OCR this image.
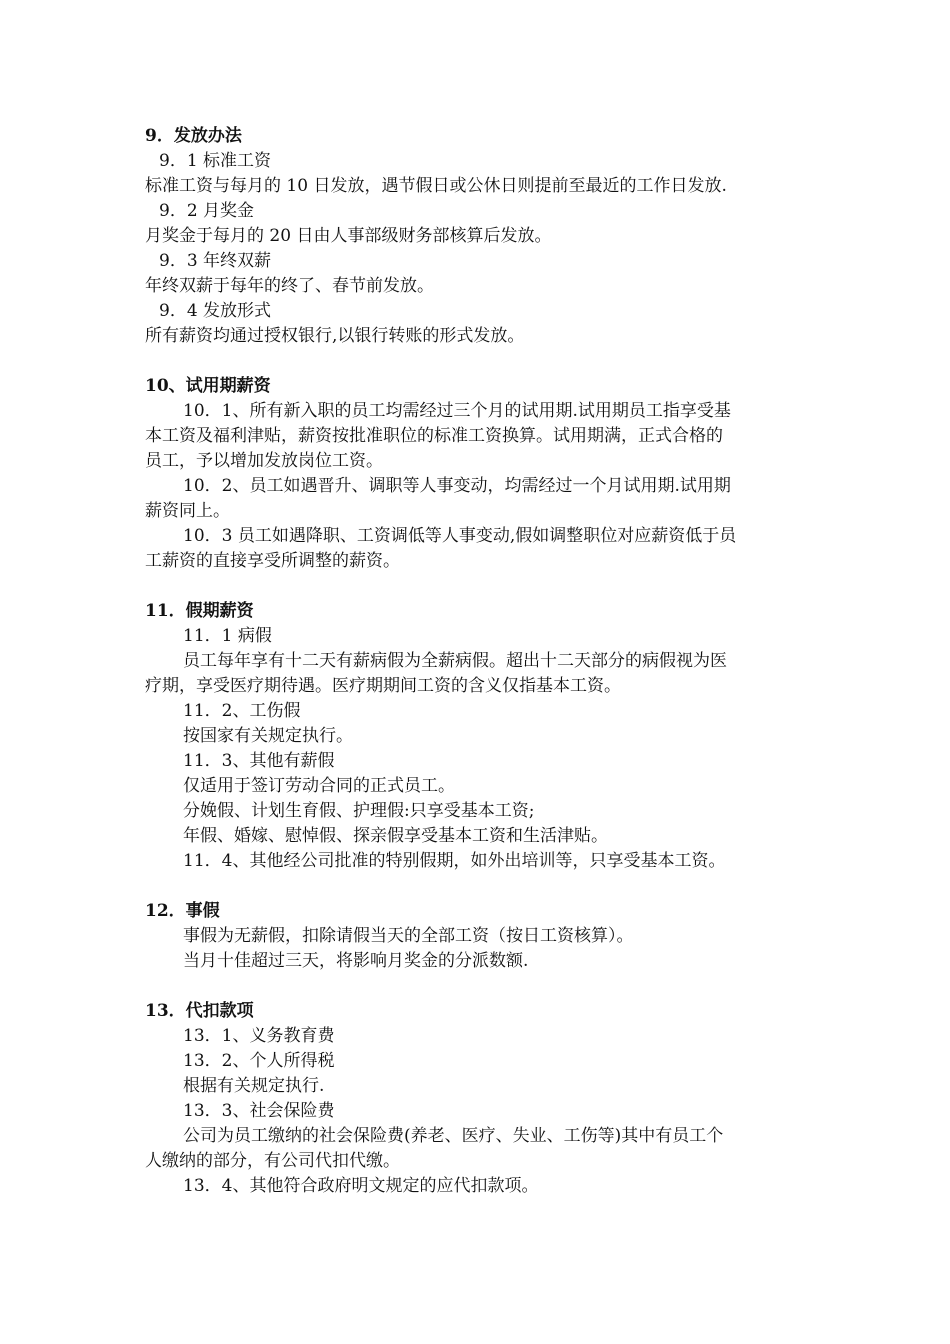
9．发放办法

9．1 标准工资

标准工资与每月的 10 日发放，遇节假日或公休日则提前至最近的工作日发放.

9．2 月奖金

月奖金于每月的 20 日由人事部级财务部核算后发放。

9．3 年终双薪

年终双薪于每年的终了、春节前发放。

9．4 发放形式

所有薪资均通过授权银行,以银行转账的形式发放。

10、试用期薪资

10．1、所有新入职的员工均需经过三个月的试用期.试用期员工指享受基

本工资及福利津贴，薪资按批准职位的标准工资换算。试用期满，正式合格的

员工，予以增加发放岗位工资。

10．2、员工如遇晋升、调职等人事变动，均需经过一个月试用期.试用期

薪资同上。

10．3 员工如遇降职、工资调低等人事变动,假如调整职位对应薪资低于员

工薪资的直接享受所调整的薪资。

11．假期薪资

11．1 病假

员工每年享有十二天有薪病假为全薪病假。超出十二天部分的病假视为医

疗期，享受医疗期待遇。医疗期期间工资的含义仅指基本工资。

11．2、工伤假

按国家有关规定执行。

11．3、其他有薪假

仅适用于签订劳动合同的正式员工。

分娩假、计划生育假、护理假:只享受基本工资;

年假、婚嫁、慰悼假、探亲假享受基本工资和生活津贴。

11．4、其他经公司批准的特别假期，如外出培训等，只享受基本工资。

12．事假

事假为无薪假，扣除请假当天的全部工资（按日工资核算）。

当月十佳超过三天，将影响月奖金的分派数额.

13．代扣款项

13．1、义务教育费

13．2、个人所得税

根据有关规定执行.

13．3、社会保险费

公司为员工缴纳的社会保险费(养老、医疗、失业、工伤等)其中有员工个

人缴纳的部分，有公司代扣代缴。

13．4、其他符合政府明文规定的应代扣款项。
